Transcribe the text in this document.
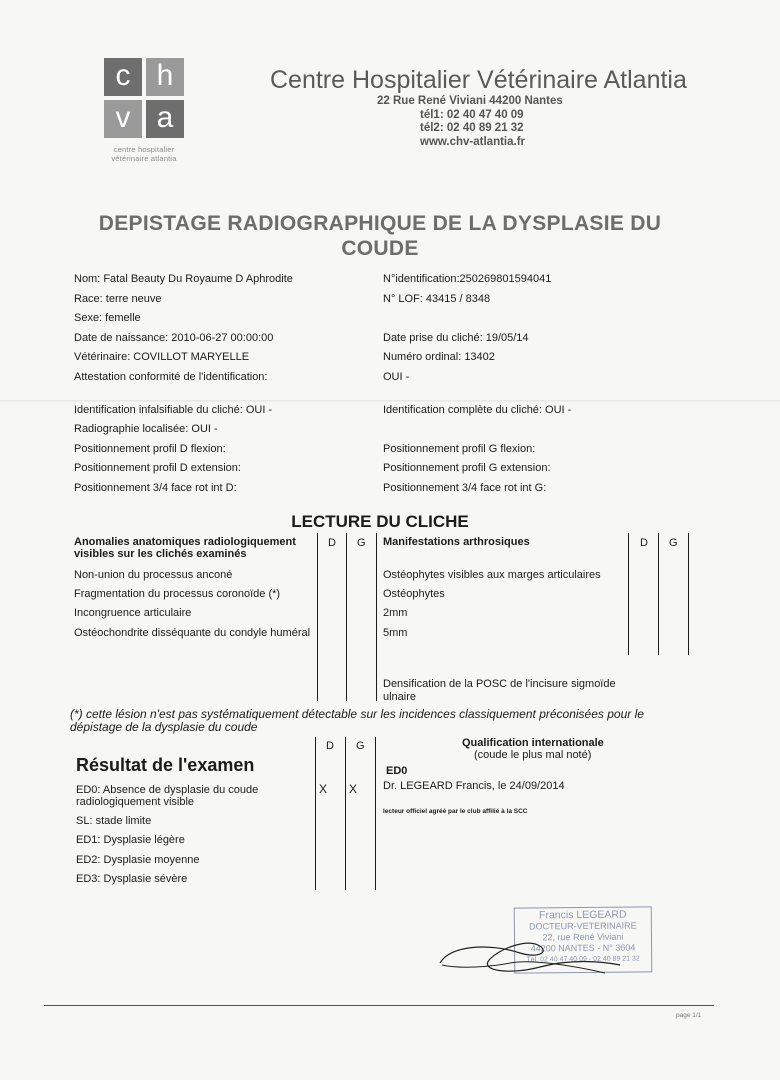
c h
v a
centre hospitalier
vétérinaire atlantia
Centre Hospitalier Vétérinaire Atlantia
22 Rue René Viviani 44200 Nantes
tél1: 02 40 47 40 09
tél2: 02 40 89 21 32
www.chv-atlantia.fr
DEPISTAGE RADIOGRAPHIQUE DE LA DYSPLASIE DU
COUDE
Nom: Fatal Beauty Du Royaume D Aphrodite
Race: terre neuve
Sexe: femelle
Date de naissance: 2010-06-27 00:00:00
Vétérinaire: COVILLOT MARYELLE
Attestation conformité de l'identification:
N°identification:250269801594041
N° LOF: 43415 / 8348
Date prise du cliché: 19/05/14
Numéro ordinal: 13402
OUI -
Identification infalsifiable du cliché: OUI -
Radiographie localisée: OUI -
Positionnement profil D flexion:
Positionnement profil D extension:
Positionnement 3/4 face rot int D:
Identification complète du cliché: OUI -
Positionnement profil G flexion:
Positionnement profil G extension:
Positionnement 3/4 face rot int G:
LECTURE DU CLICHE
Anomalies anatomiques radiologiquement
visibles sur les clichés examinés
D G Manifestations arthrosiques	D G
Non-union du processus anconé
Fragmentation du processus coronoïde (*)
Incongruence articulaire
Ostéochondrite disséquante du condyle huméral
Ostéophytes visibles aux marges articulaires
Ostéophytes
2mm
5mm
Densification de la POSC de l'incisure sigmoïde
ulnaire
(*) cette lésion n'est pas systématiquement détectable sur les incidences classiquement préconisées pour le
dépistage de la dysplasie du coude
D G
Résultat de l'examen
ED0: Absence de dysplasie du coude
radiologiquement visible
SL: stade limite
ED1: Dysplasie légère
ED2: Dysplasie moyenne
ED3: Dysplasie sévère
X X
Qualification internationale
(coude le plus mal noté)
ED0
Dr. LEGEARD Francis, le 24/09/2014
lecteur officiel agréé par le club affilié à la SCC
Francis LEGEARD
DOCTEUR-VETERINAIRE
22, rue René Viviani
44200 NANTES - N° 3604
Tél. 02 40 47 40 09 - 02 40 89 21 32
page 1/1
